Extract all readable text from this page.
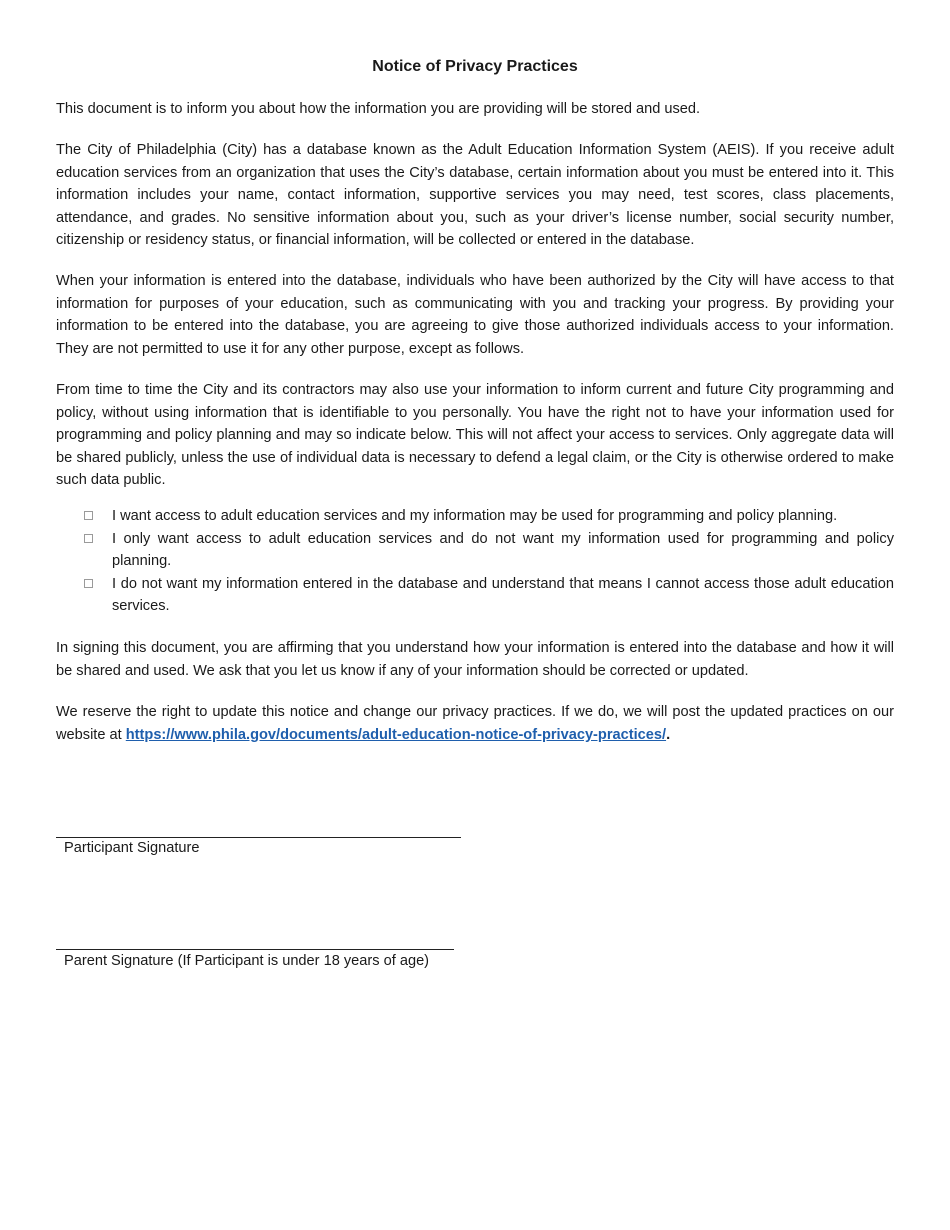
Notice of Privacy Practices

This document is to inform you about how the information you are providing will be stored and used.

The City of Philadelphia (City) has a database known as the Adult Education Information System (AEIS). If you receive adult education services from an organization that uses the City’s database, certain information about you must be entered into it. This information includes your name, contact information, supportive services you may need, test scores, class placements, attendance, and grades. No sensitive information about you, such as your driver’s license number, social security number, citizenship or residency status, or financial information, will be collected or entered in the database.

When your information is entered into the database, individuals who have been authorized by the City will have access to that information for purposes of your education, such as communicating with you and tracking your progress. By providing your information to be entered into the database, you are agreeing to give those authorized individuals access to your information. They are not permitted to use it for any other purpose, except as follows.

From time to time the City and its contractors may also use your information to inform current and future City programming and policy, without using information that is identifiable to you personally. You have the right not to have your information used for programming and policy planning and may so indicate below. This will not affect your access to services. Only aggregate data will be shared publicly, unless the use of individual data is necessary to defend a legal claim, or the City is otherwise ordered to make such data public.

I want access to adult education services and my information may be used for programming and policy planning.
I only want access to adult education services and do not want my information used for programming and policy planning.
I do not want my information entered in the database and understand that means I cannot access those adult education services.

In signing this document, you are affirming that you understand how your information is entered into the database and how it will be shared and used. We ask that you let us know if any of your information should be corrected or updated.

We reserve the right to update this notice and change our privacy practices. If we do, we will post the updated practices on our website at https://www.phila.gov/documents/adult-education-notice-of-privacy-practices/.

Participant Signature

Parent Signature (If Participant is under 18 years of age)
